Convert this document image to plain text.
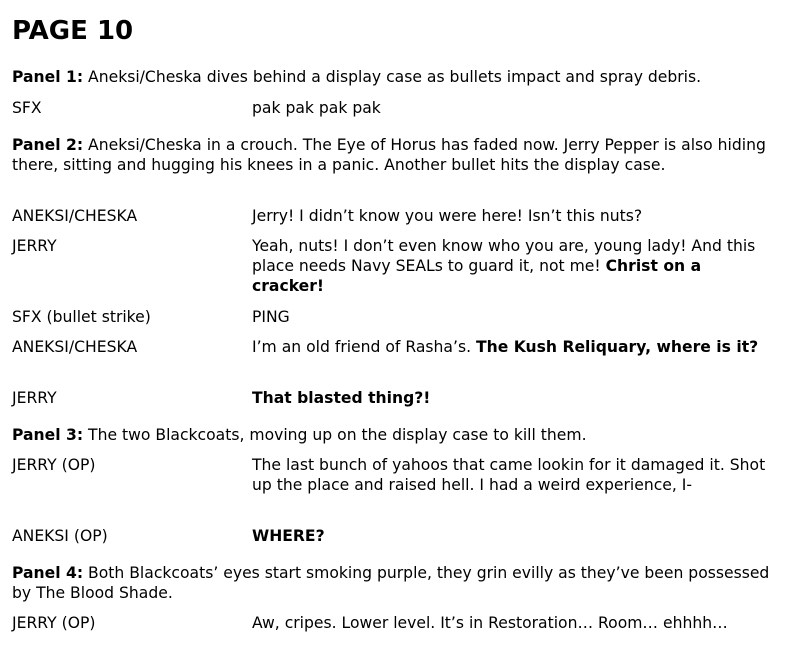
PAGE 10
Panel 1: Aneksi/Cheska dives behind a display case as bullets impact and spray debris.
SFX	pak pak pak pak
Panel 2: Aneksi/Cheska in a crouch. The Eye of Horus has faded now. Jerry Pepper is also hiding there, sitting and hugging his knees in a panic. Another bullet hits the display case.
ANEKSI/CHESKA	Jerry! I didn’t know you were here! Isn’t this nuts?
JERRY	Yeah, nuts! I don’t even know who you are, young lady! And this place needs Navy SEALs to guard it, not me! Christ on a cracker!
SFX (bullet strike)	PING
ANEKSI/CHESKA	I’m an old friend of Rasha’s. The Kush Reliquary, where is it?
JERRY	That blasted thing?!
Panel 3: The two Blackcoats, moving up on the display case to kill them.
JERRY (OP)	The last bunch of yahoos that came lookin for it damaged it. Shot up the place and raised hell. I had a weird experience, I-
ANEKSI (OP)	WHERE?
Panel 4: Both Blackcoats’ eyes start smoking purple, they grin evilly as they’ve been possessed by The Blood Shade.
JERRY (OP)	Aw, cripes. Lower level. It’s in Restoration… Room… ehhhh…
